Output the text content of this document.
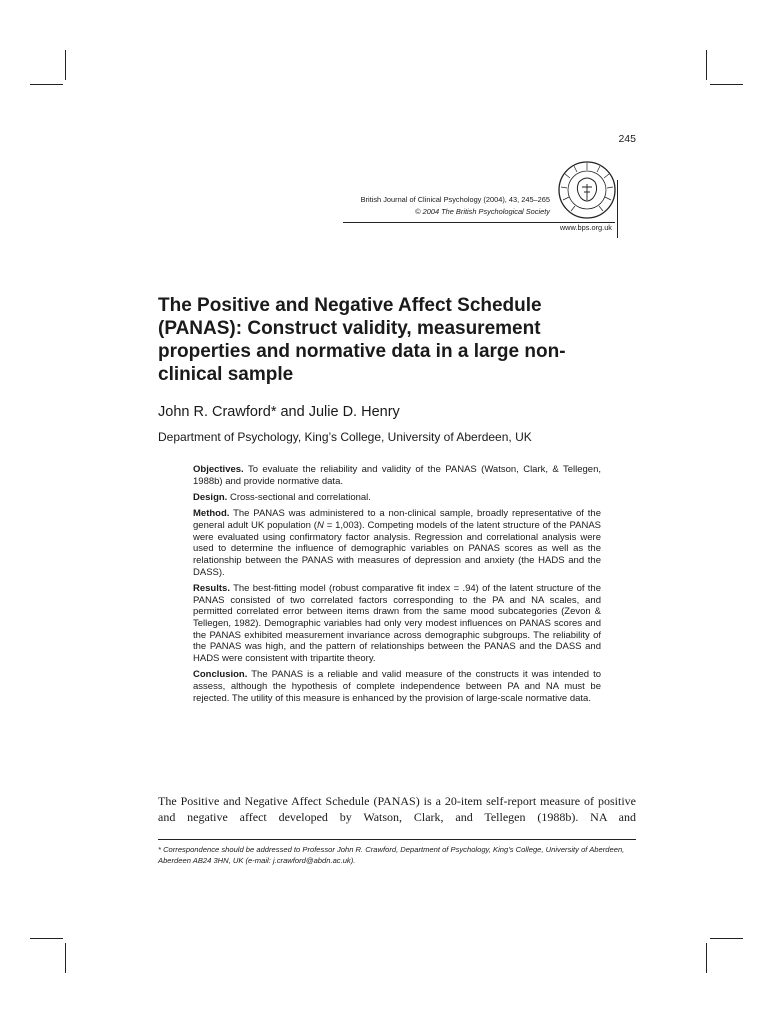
245
British Journal of Clinical Psychology (2004), 43, 245–265
© 2004 The British Psychological Society
www.bps.org.uk
The Positive and Negative Affect Schedule (PANAS): Construct validity, measurement properties and normative data in a large non-clinical sample
John R. Crawford* and Julie D. Henry
Department of Psychology, King’s College, University of Aberdeen, UK

Objectives. To evaluate the reliability and validity of the PANAS (Watson, Clark, & Tellegen, 1988b) and provide normative data.

Design. Cross-sectional and correlational.

Method. The PANAS was administered to a non-clinical sample, broadly representative of the general adult UK population (N = 1,003). Competing models of the latent structure of the PANAS were evaluated using confirmatory factor analysis. Regression and correlational analysis were used to determine the influence of demographic variables on PANAS scores as well as the relationship between the PANAS with measures of depression and anxiety (the HADS and the DASS).

Results. The best-fitting model (robust comparative fit index = .94) of the latent structure of the PANAS consisted of two correlated factors corresponding to the PA and NA scales, and permitted correlated error between items drawn from the same mood subcategories (Zevon & Tellegen, 1982). Demographic variables had only very modest influences on PANAS scores and the PANAS exhibited measurement invariance across demographic subgroups. The reliability of the PANAS was high, and the pattern of relationships between the PANAS and the DASS and HADS were consistent with tripartite theory.

Conclusion. The PANAS is a reliable and valid measure of the constructs it was intended to assess, although the hypothesis of complete independence between PA and NA must be rejected. The utility of this measure is enhanced by the provision of large-scale normative data.

The Positive and Negative Affect Schedule (PANAS) is a 20-item self-report measure of positive and negative affect developed by Watson, Clark, and Tellegen (1988b). NA and

* Correspondence should be addressed to Professor John R. Crawford, Department of Psychology, King’s College, University of Aberdeen, Aberdeen AB24 3HN, UK (e-mail: j.crawford@abdn.ac.uk).
